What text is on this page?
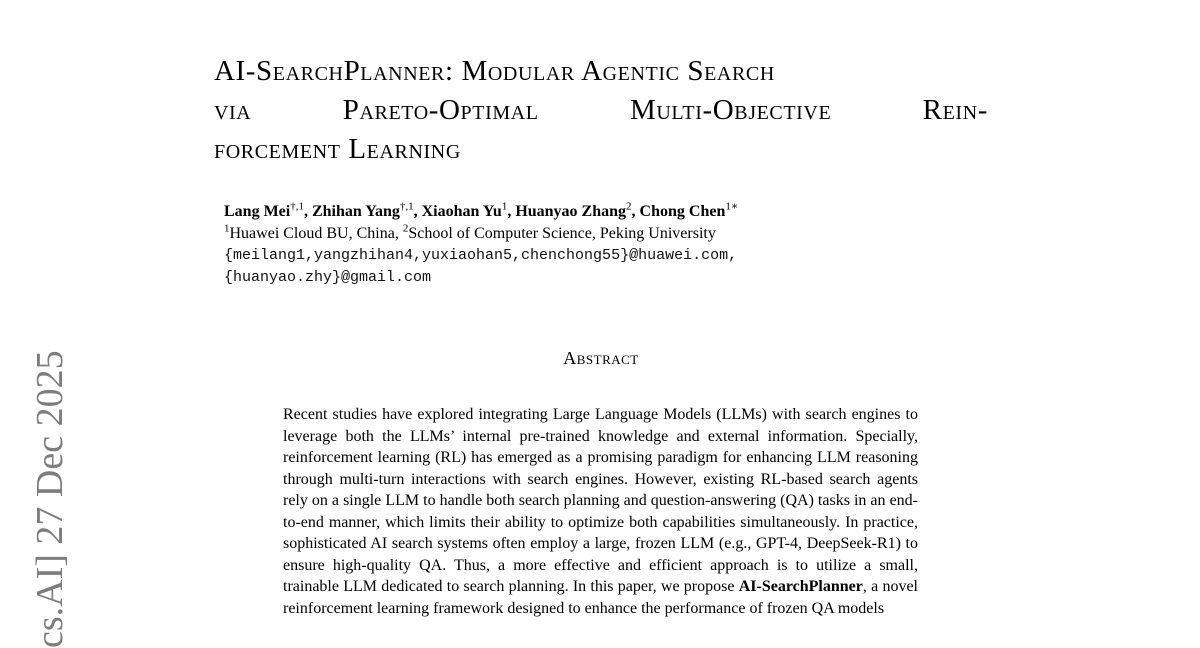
cs.AI] 27 Dec 2025
AI-SearchPlanner: Modular Agentic Search
via	Pareto-Optimal	Multi-Objective	Rein-
forcement Learning
Lang Mei$^{\dagger,1}$, Zhihan Yang$^{\dagger,1}$, Xiaohan Yu$^1$, Huanyao Zhang$^2$, Chong Chen$^{1∗}$
$^1$Huawei Cloud BU, China, $^2$School of Computer Science, Peking University
{meilang1,yangzhihan4,yuxiaohan5,chenchong55}@huawei.com,
{huanyao.zhy}@gmail.com
Abstract
Recent studies have explored integrating Large Language Models (LLMs) with search engines to leverage both the LLMs’ internal pre-trained knowledge and external information. Specially, reinforcement learning (RL) has emerged as a promising paradigm for enhancing LLM reasoning through multi-turn interactions with search engines. However, existing RL-based search agents rely on a single LLM to handle both search planning and question-answering (QA) tasks in an end-to-end manner, which limits their ability to optimize both capabilities simultaneously. In practice, sophisticated AI search systems often employ a large, frozen LLM (e.g., GPT-4, DeepSeek-R1) to ensure high-quality QA. Thus, a more effective and efficient approach is to utilize a small, trainable LLM dedicated to search planning. In this paper, we propose AI-SearchPlanner, a novel reinforcement learning framework designed to enhance the performance of frozen QA models
